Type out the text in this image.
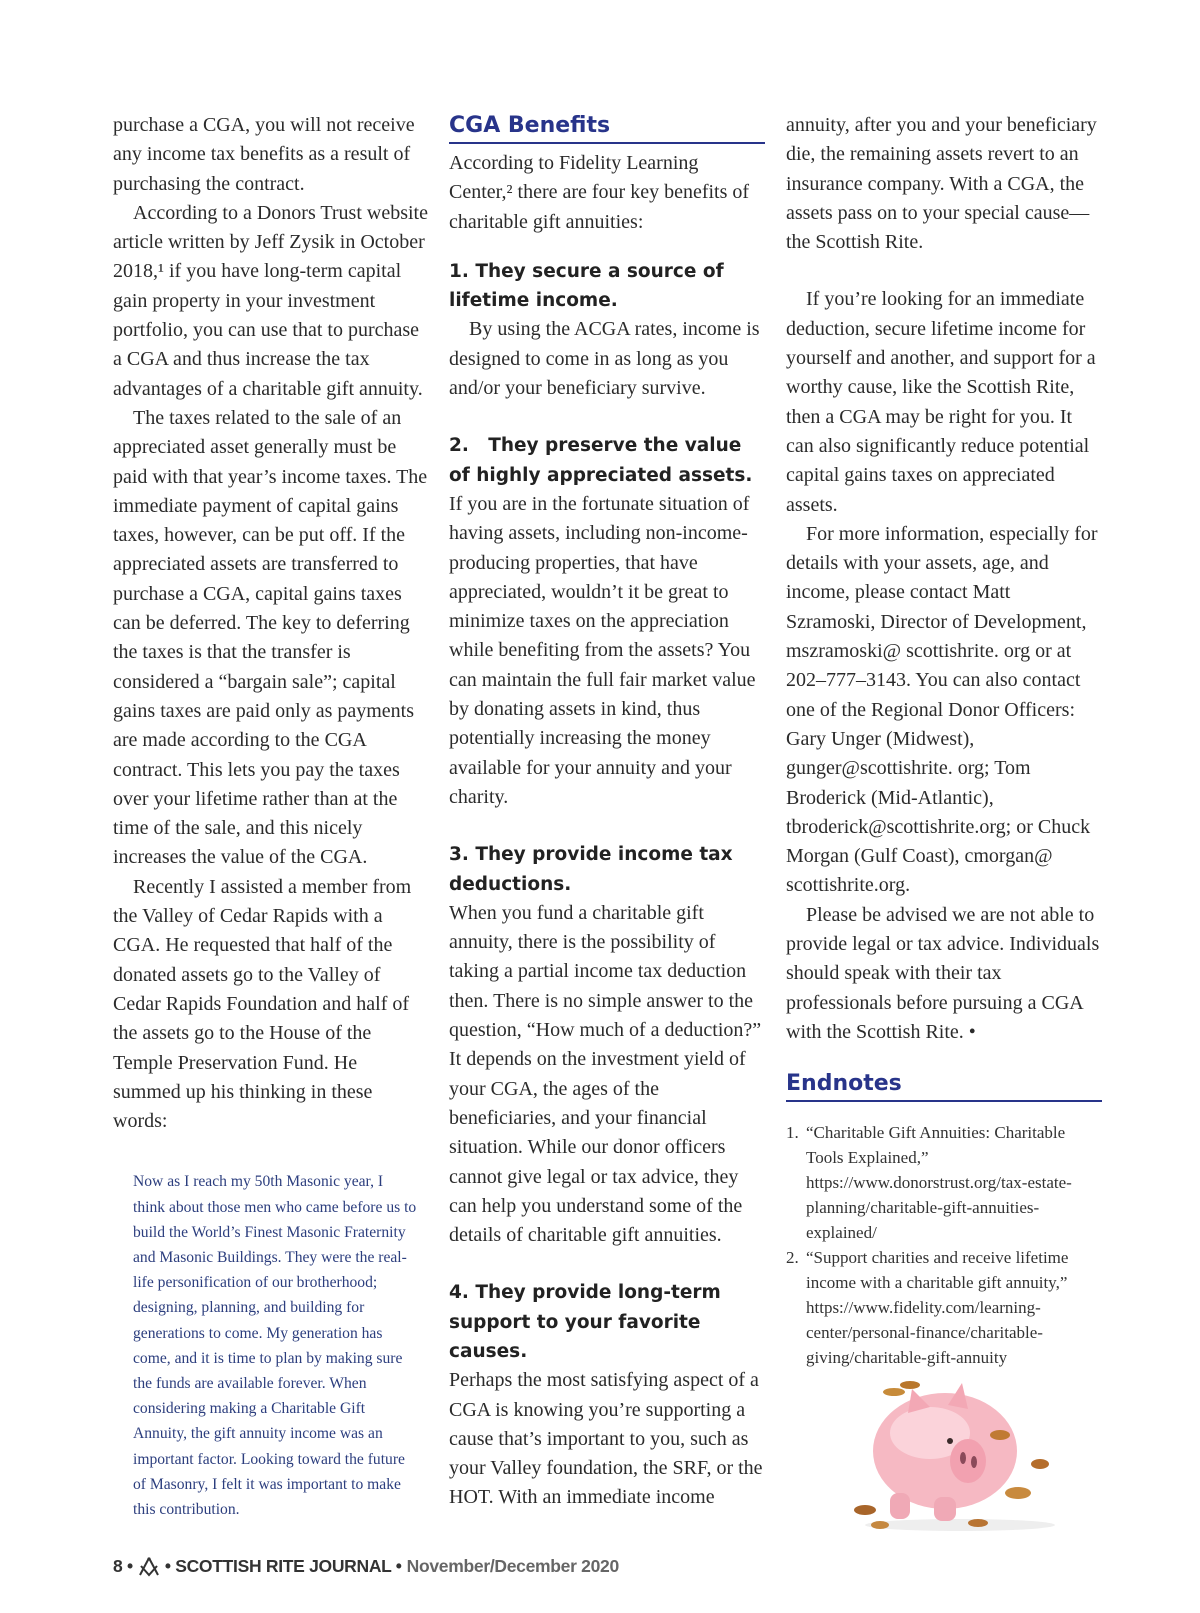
purchase a CGA, you will not receive any income tax benefits as a result of purchasing the contract.

According to a Donors Trust website article written by Jeff Zysik in October 2018,¹ if you have long-term capital gain property in your investment portfolio, you can use that to purchase a CGA and thus increase the tax advantages of a charitable gift annuity.

The taxes related to the sale of an appreciated asset generally must be paid with that year’s income taxes. The immediate payment of capital gains taxes, however, can be put off. If the appreciated assets are transferred to purchase a CGA, capital gains taxes can be deferred. The key to deferring the taxes is that the transfer is considered a “bargain sale”; capital gains taxes are paid only as payments are made according to the CGA contract. This lets you pay the taxes over your lifetime rather than at the time of the sale, and this nicely increases the value of the CGA.

Recently I assisted a member from the Valley of Cedar Rapids with a CGA. He requested that half of the donated assets go to the Valley of Cedar Rapids Foundation and half of the assets go to the House of the Temple Preservation Fund. He summed up his thinking in these words:

Now as I reach my 50th Masonic year, I think about those men who came before us to build the World’s Finest Masonic Fraternity and Masonic Buildings. They were the real-life personification of our brotherhood; designing, planning, and building for generations to come. My generation has come, and it is time to plan by making sure the funds are available forever. When considering making a Charitable Gift Annuity, the gift annuity income was an important factor. Looking toward the future of Masonry, I felt it was important to make this contribution.

CGA Benefits

According to Fidelity Learning Center,² there are four key benefits of charitable gift annuities:

1. They secure a source of lifetime income.

By using the ACGA rates, income is designed to come in as long as you and/or your beneficiary survive.

2.   They preserve the value of highly appreciated assets.

If you are in the fortunate situation of having assets, including non-income-producing properties, that have appreciated, wouldn’t it be great to minimize taxes on the appreciation while benefiting from the assets? You can maintain the full fair market value by donating assets in kind, thus potentially increasing the money available for your annuity and your charity.

3. They provide income tax deductions.

When you fund a charitable gift annuity, there is the possibility of taking a partial income tax deduction then. There is no simple answer to the question, “How much of a deduction?” It depends on the investment yield of your CGA, the ages of the beneficiaries, and your financial situation. While our donor officers cannot give legal or tax advice, they can help you understand some of the details of charitable gift annuities.

4. They provide long-term support to your favorite causes.

Perhaps the most satisfying aspect of a CGA is knowing you’re supporting a cause that’s important to you, such as your Valley foundation, the SRF, or the HOT. With an immediate income

annuity, after you and your beneficiary die, the remaining assets revert to an insurance company. With a CGA, the assets pass on to your special cause—the Scottish Rite.

If you’re looking for an immediate deduction, secure lifetime income for yourself and another, and support for a worthy cause, like the Scottish Rite, then a CGA may be right for you. It can also significantly reduce potential capital gains taxes on appreciated assets.

For more information, especially for details with your assets, age, and income, please contact Matt Szramoski, Director of Development, mszramoski@ scottishrite. org or at 202–777–3143. You can also contact one of the Regional Donor Officers: Gary Unger (Midwest), gunger@scottishrite. org; Tom Broderick (Mid-Atlantic), tbroderick@scottishrite.org; or Chuck Morgan (Gulf Coast), cmorgan@ scottishrite.org.

Please be advised we are not able to provide legal or tax advice. Individuals should speak with their tax professionals before pursuing a CGA with the Scottish Rite. •

Endnotes
1. “Charitable Gift Annuities: Charitable Tools Explained,” https://www.donorstrust.org/tax-estate-planning/charitable-gift-annuities-explained/
2. “Support charities and receive lifetime income with a charitable gift annuity,” https://www.fidelity.com/learning-center/personal-finance/charitable-giving/charitable-gift-annuity
8 • • SCOTTISH RITE JOURNAL • November/December 2020
